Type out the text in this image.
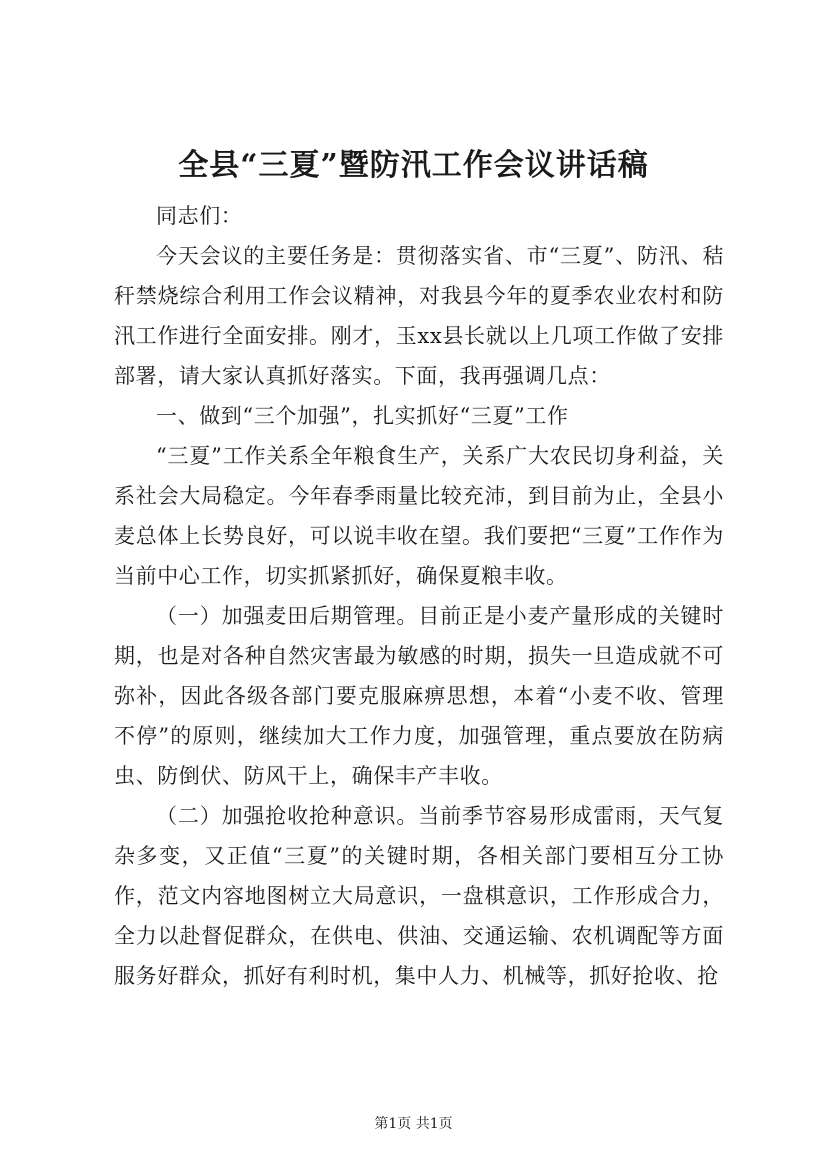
全县“三夏”暨防汛工作会议讲话稿

同志们：

今天会议的主要任务是：贯彻落实省、市“三夏”、防汛、秸秆禁烧综合利用工作会议精神，对我县今年的夏季农业农村和防汛工作进行全面安排。刚才，玉xx县长就以上几项工作做了安排部署，请大家认真抓好落实。下面，我再强调几点：

一、做到“三个加强”，扎实抓好“三夏”工作

“三夏”工作关系全年粮食生产，关系广大农民切身利益，关系社会大局稳定。今年春季雨量比较充沛，到目前为止，全县小麦总体上长势良好，可以说丰收在望。我们要把“三夏”工作作为当前中心工作，切实抓紧抓好，确保夏粮丰收。

（一）加强麦田后期管理。目前正是小麦产量形成的关键时期，也是对各种自然灾害最为敏感的时期，损失一旦造成就不可弥补，因此各级各部门要克服麻痹思想，本着“小麦不收、管理不停”的原则，继续加大工作力度，加强管理，重点要放在防病虫、防倒伏、防风干上，确保丰产丰收。

（二）加强抢收抢种意识。当前季节容易形成雷雨，天气复杂多变，又正值“三夏”的关键时期，各相关部门要相互分工协作，范文内容地图树立大局意识，一盘棋意识，工作形成合力，全力以赴督促群众，在供电、供油、交通运输、农机调配等方面服务好群众，抓好有利时机，集中人力、机械等，抓好抢收、抢

第1页 共1页
